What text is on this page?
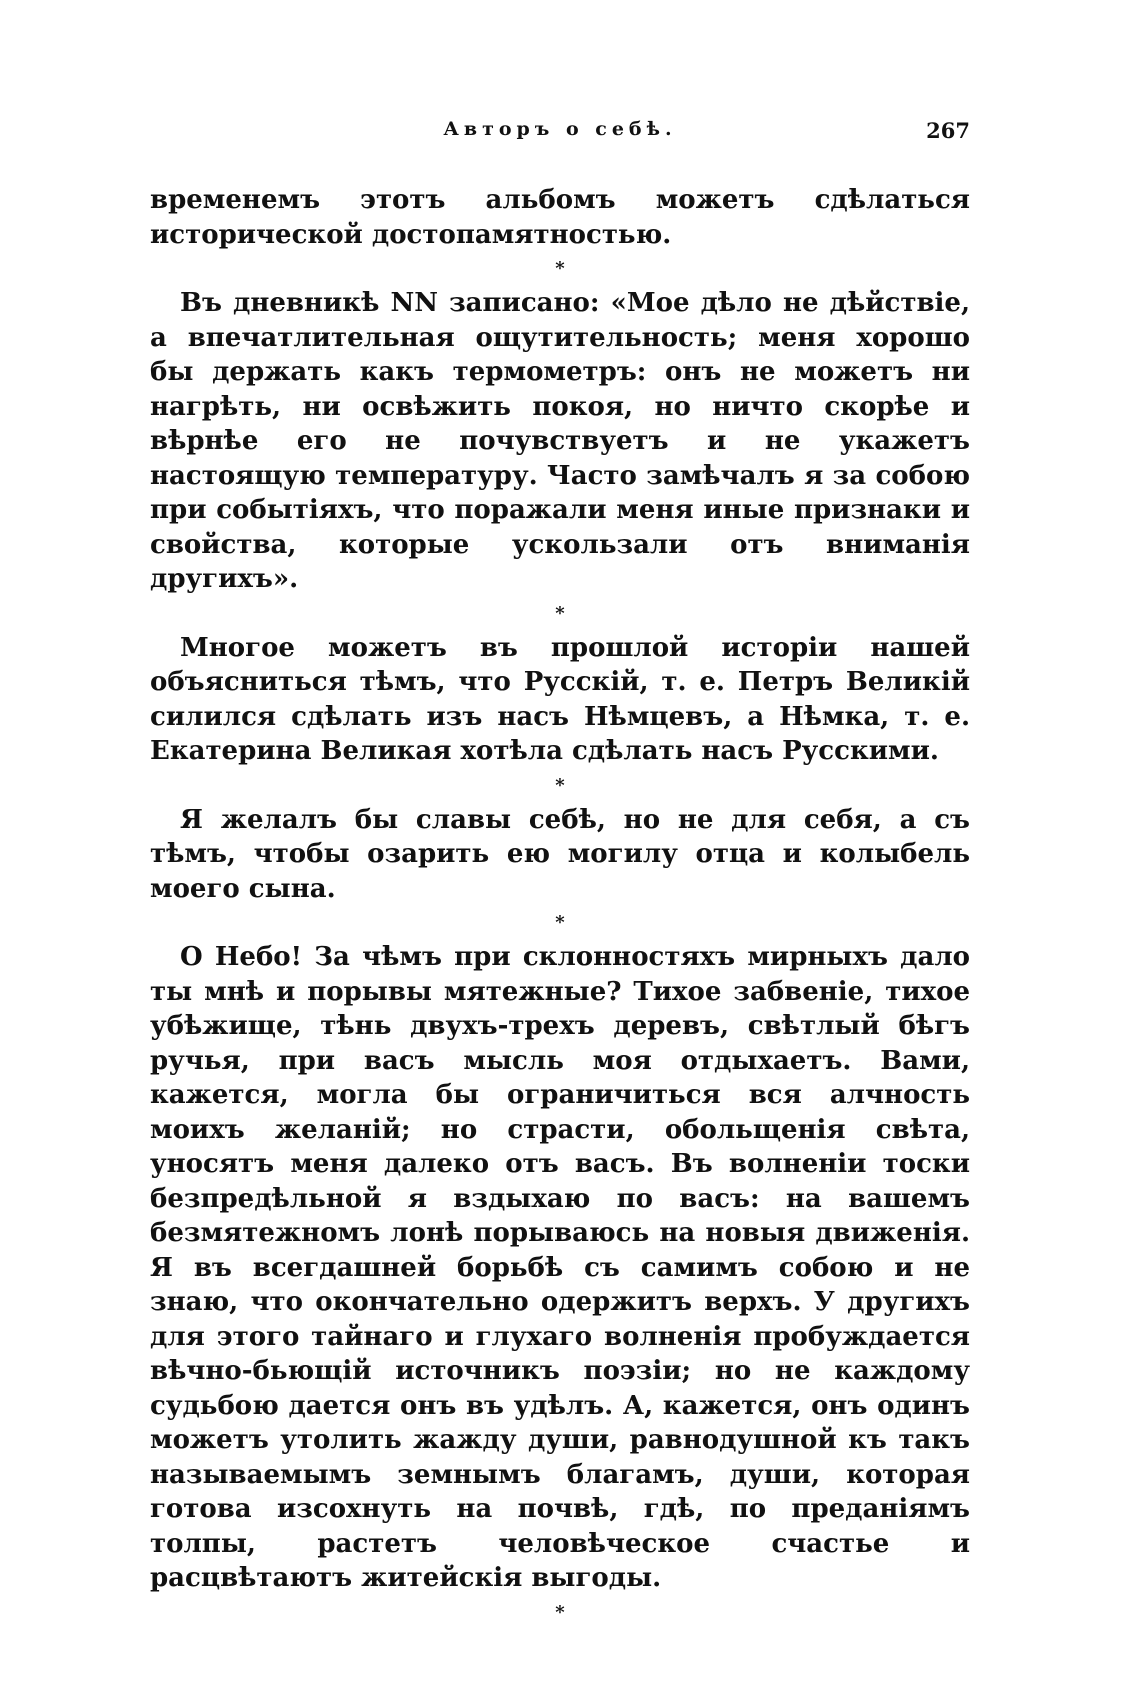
Авторъ о себѣ.	267

временемъ этотъ альбомъ можетъ сдѣлаться исторической достопамятностью.

*

Въ дневникѣ NN записано: «Мое дѣло не дѣйствіе, а впечатлительная ощутительность; меня хорошо бы держать какъ термометръ: онъ не можетъ ни нагрѣть, ни освѣжить покоя, но ничто скорѣе и вѣрнѣе его не почувствуетъ и не укажетъ настоящую температуру. Часто замѣчалъ я за собою при событіяхъ, что поражали меня иные признаки и свойства, которые ускользали отъ вниманія другихъ».

*

Многое можетъ въ прошлой исторіи нашей объясниться тѣмъ, что Русскій, т. е. Петръ Великій силился сдѣлать изъ насъ Нѣмцевъ, а Нѣмка, т. е. Екатерина Великая хотѣла сдѣлать насъ Русскими.

*

Я желалъ бы славы себѣ, но не для себя, а съ тѣмъ, чтобы озарить ею могилу отца и колыбель моего сына.

*

О Небо! За чѣмъ при склонностяхъ мирныхъ дало ты мнѣ и порывы мятежные? Тихое забвеніе, тихое убѣжище, тѣнь двухъ-трехъ деревъ, свѣтлый бѣгъ ручья, при васъ мысль моя отдыхаетъ. Вами, кажется, могла бы ограничиться вся алчность моихъ желаній; но страсти, обольщенія свѣта, уносятъ меня далеко отъ васъ. Въ волненіи тоски безпредѣльной я вздыхаю по васъ: на вашемъ безмятежномъ лонѣ порываюсь на новыя движенія. Я въ всегдашней борьбѣ съ самимъ собою и не знаю, что окончательно одержитъ верхъ. У другихъ для этого тайнаго и глухаго волненія пробуждается вѣчно-бьющій источникъ поэзіи; но не каждому судьбою дается онъ въ удѣлъ. А, кажется, онъ одинъ можетъ утолить жажду души, равнодушной къ такъ называемымъ земнымъ благамъ, души, которая готова изсохнуть на почвѣ, гдѣ, по преданіямъ толпы, растетъ человѣческое счастье и расцвѣтаютъ житейскія выгоды.

*
